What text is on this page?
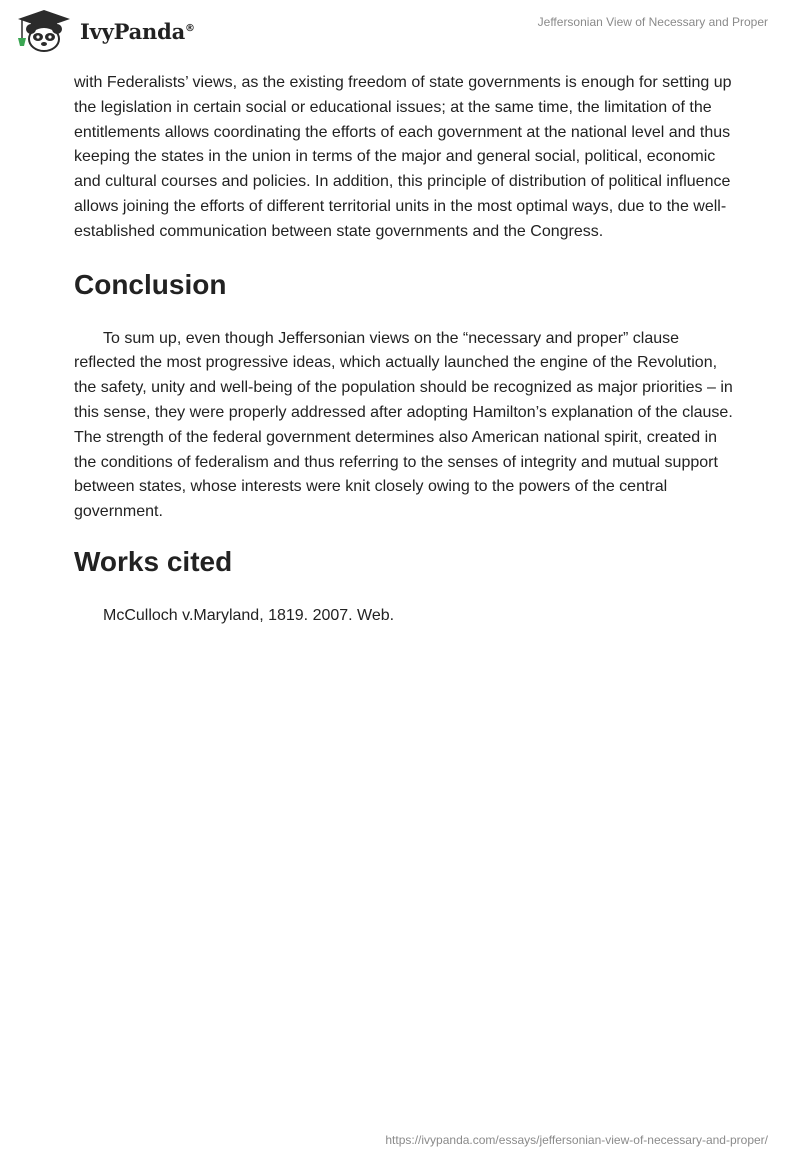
IvyPanda®	Jeffersonian View of Necessary and Proper

with Federalists’ views, as the existing freedom of state governments is enough for setting up the legislation in certain social or educational issues; at the same time, the limitation of the entitlements allows coordinating the efforts of each government at the national level and thus keeping the states in the union in terms of the major and general social, political, economic and cultural courses and policies. In addition, this principle of distribution of political influence allows joining the efforts of different territorial units in the most optimal ways, due to the well-established communication between state governments and the Congress.

Conclusion

To sum up, even though Jeffersonian views on the “necessary and proper” clause reflected the most progressive ideas, which actually launched the engine of the Revolution, the safety, unity and well-being of the population should be recognized as major priorities – in this sense, they were properly addressed after adopting Hamilton’s explanation of the clause. The strength of the federal government determines also American national spirit, created in the conditions of federalism and thus referring to the senses of integrity and mutual support between states, whose interests were knit closely owing to the powers of the central government.

Works cited

McCulloch v.Maryland, 1819. 2007. Web.

https://ivypanda.com/essays/jeffersonian-view-of-necessary-and-proper/
